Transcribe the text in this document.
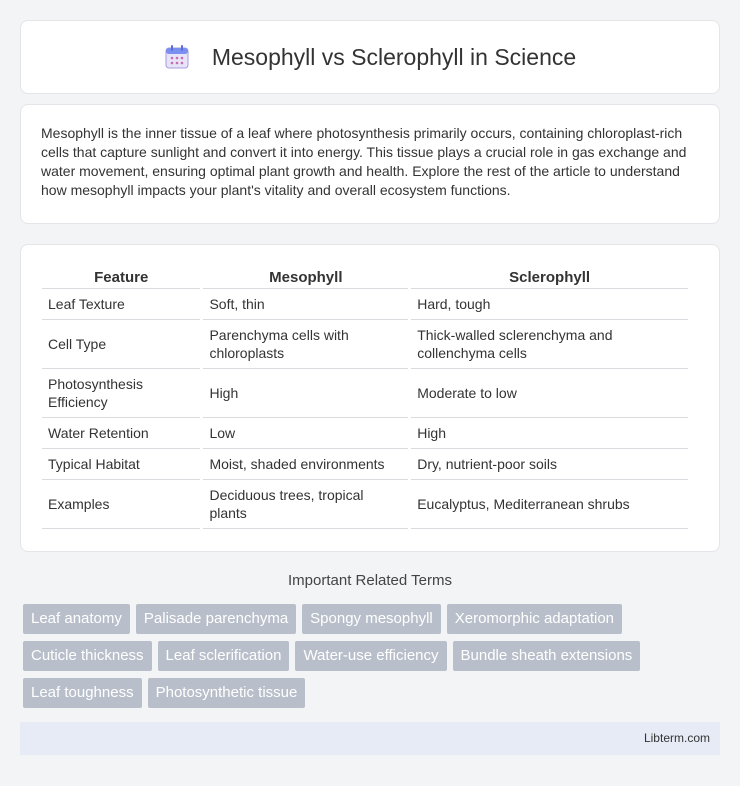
Mesophyll vs Sclerophyll in Science

Mesophyll is the inner tissue of a leaf where photosynthesis primarily occurs, containing chloroplast-rich cells that capture sunlight and convert it into energy. This tissue plays a crucial role in gas exchange and water movement, ensuring optimal plant growth and health. Explore the rest of the article to understand how mesophyll impacts your plant's vitality and overall ecosystem functions.

Feature	Mesophyll	Sclerophyll
Leaf Texture	Soft, thin	Hard, tough
Cell Type	Parenchyma cells with chloroplasts	Thick-walled sclerenchyma and collenchyma cells
Photosynthesis Efficiency	High	Moderate to low
Water Retention	Low	High
Typical Habitat	Moist, shaded environments	Dry, nutrient-poor soils
Examples	Deciduous trees, tropical plants	Eucalyptus, Mediterranean shrubs
Important Related Terms
Leaf anatomy	Palisade parenchyma	Spongy mesophyll	Xeromorphic adaptation
Cuticle thickness	Leaf sclerification	Water-use efficiency	Bundle sheath extensions
Leaf toughness	Photosynthetic tissue
Libterm.com
